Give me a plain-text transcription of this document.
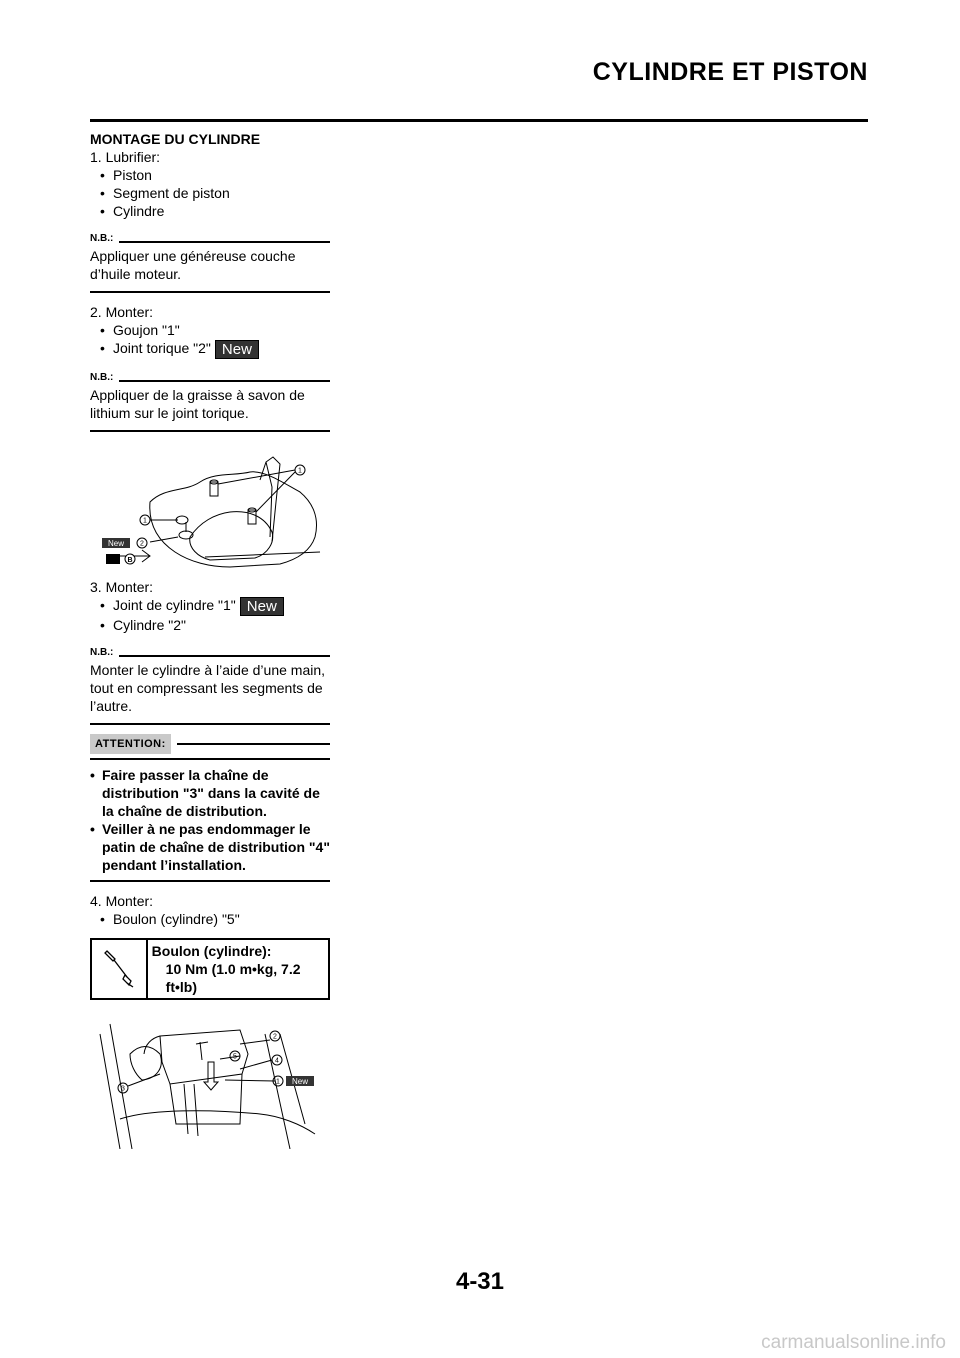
CYLINDRE ET PISTON
MONTAGE DU CYLINDRE
1. Lubrifier:
• Piston
• Segment de piston
• Cylindre
N.B.:
Appliquer une généreuse couche d’huile moteur.
2. Monter:
• Goujon "1"
• Joint torique "2" New
N.B.:
Appliquer de la graisse à savon de lithium sur le joint torique.
1
1
2
New
B
3. Monter:
• Joint de cylindre "1" New
• Cylindre "2"
N.B.:
Monter le cylindre à l’aide d’une main, tout en compressant les segments de l’autre.
ATTENTION:
• Faire passer la chaîne de distribution "3" dans la cavité de la chaîne de distribution.
• Veiller à ne pas endommager le patin de chaîne de distribution "4" pendant l’installation.
4. Monter:
• Boulon (cylindre) "5"
Boulon (cylindre):
10 Nm (1.0 m•kg, 7.2 ft•lb)
2
5
4
1
3
New
4-31
carmanualsonline.info
